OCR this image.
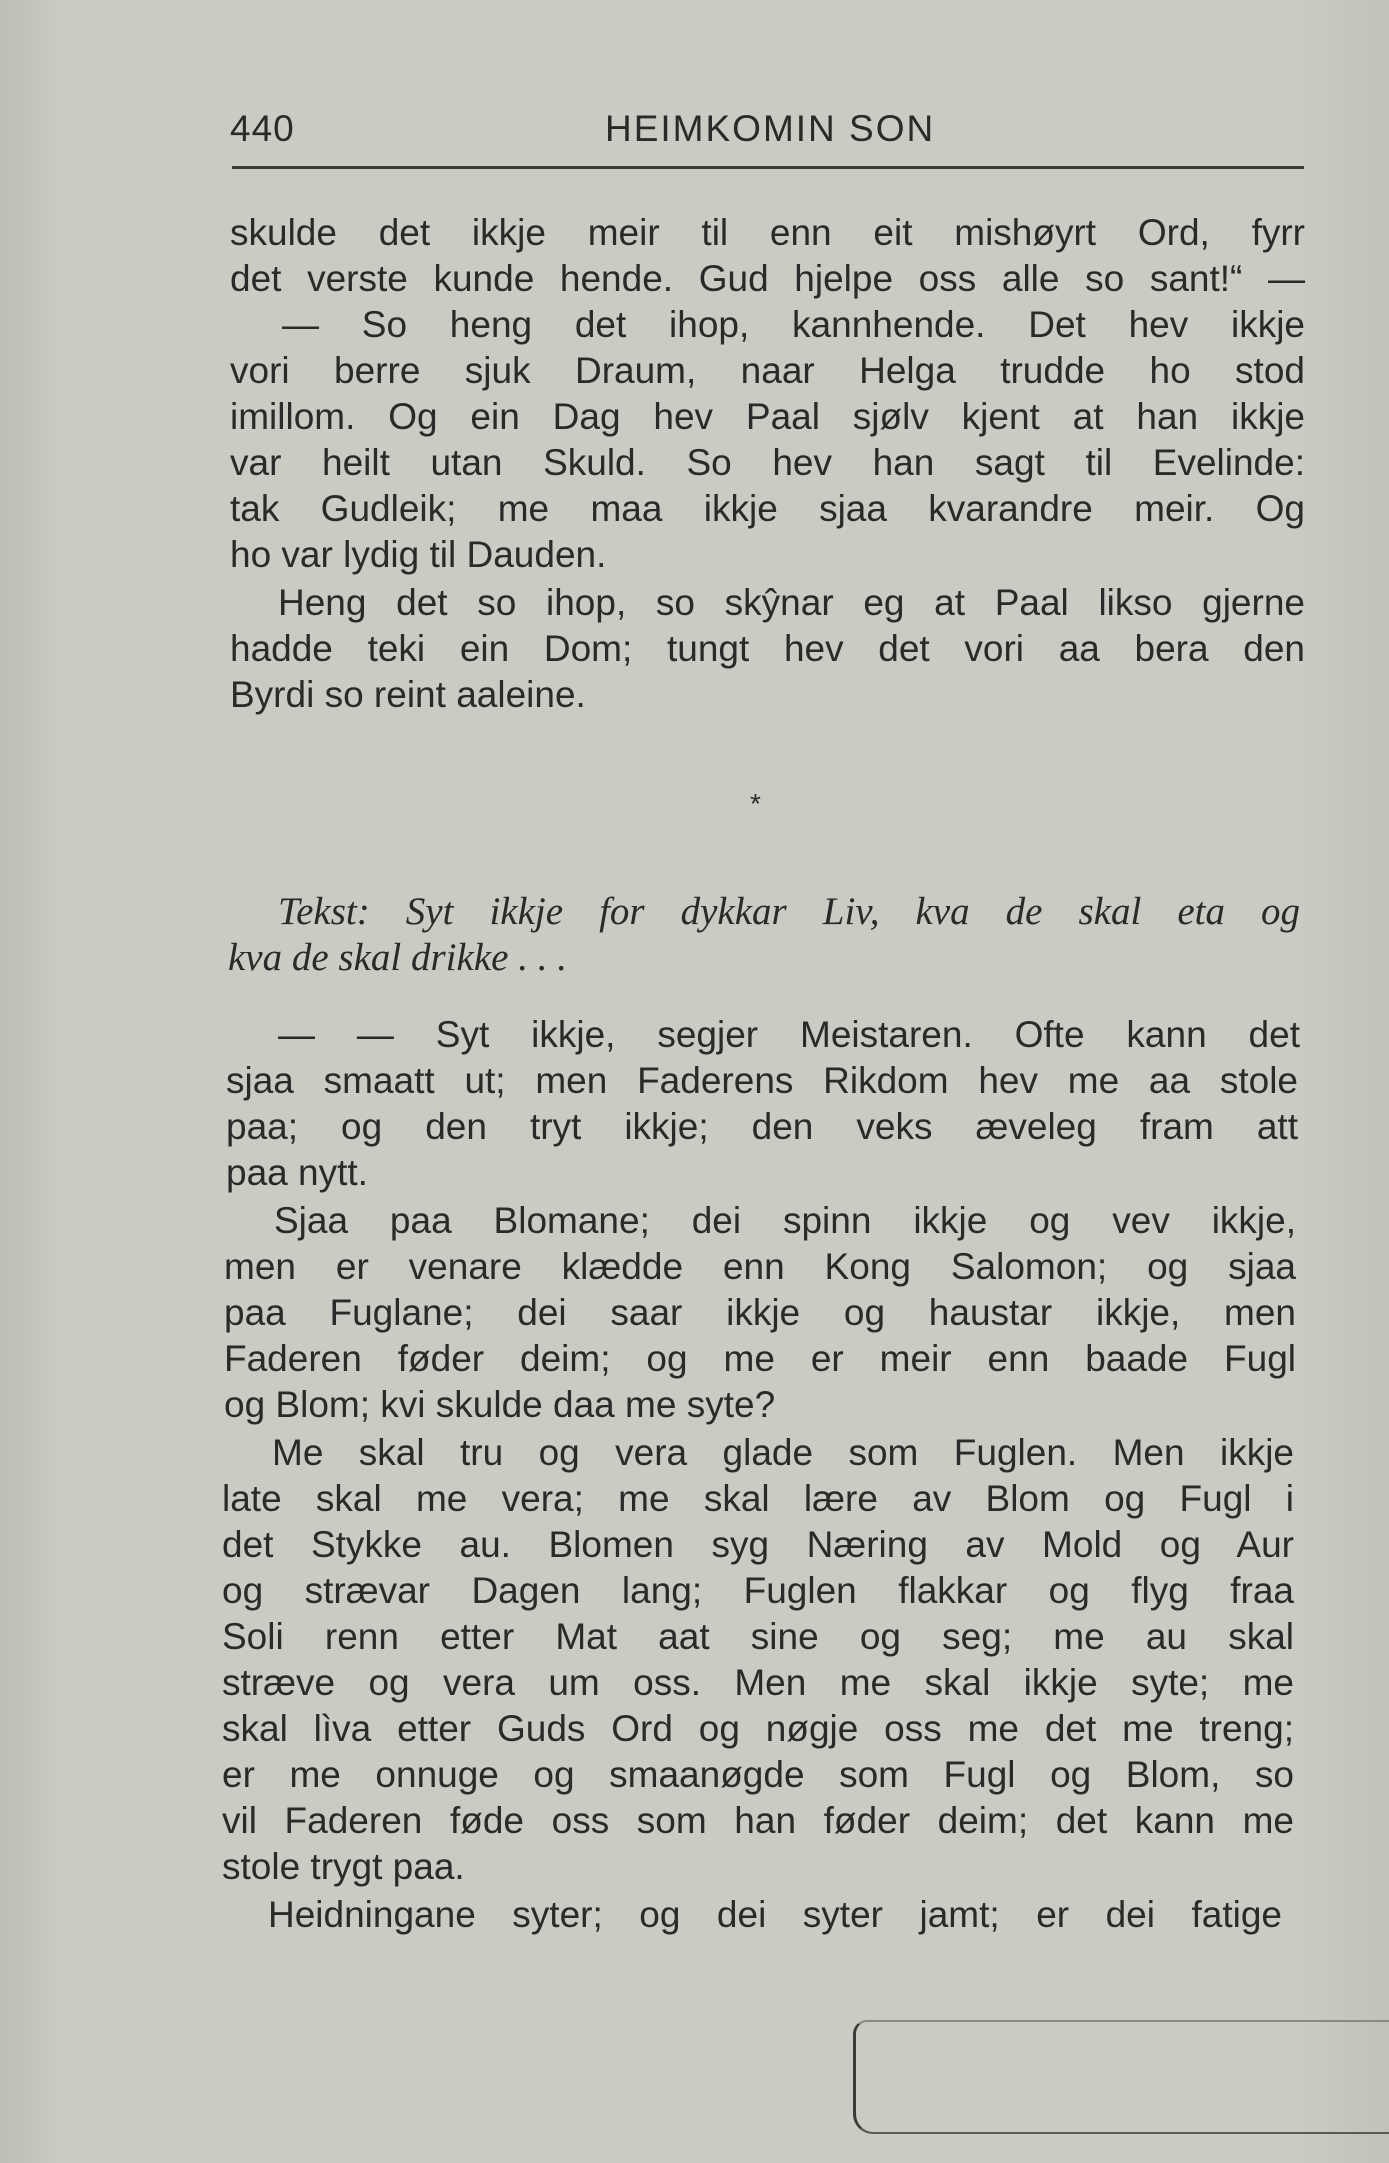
440	HEIMKOMIN SON
skulde det ikkje meir til enn eit mishøyrt Ord, fyrr
det verste kunde hende. Gud hjelpe oss alle so sant!“ —
— So heng det ihop, kannhende. Det hev ikkje
vori berre sjuk Draum, naar Helga trudde ho stod
imillom. Og ein Dag hev Paal sjølv kjent at han ikkje
var heilt utan Skuld. So hev han sagt til Evelinde:
tak Gudleik; me maa ikkje sjaa kvarandre meir. Og
ho var lydig til Dauden.
Heng det so ihop, so skŷnar eg at Paal likso gjerne
hadde teki ein Dom; tungt hev det vori aa bera den
Byrdi so reint aaleine.
*
Tekst: Syt ikkje for dykkar Liv, kva de skal eta og
kva de skal drikke . . .
— — Syt ikkje, segjer Meistaren. Ofte kann det
sjaa smaatt ut; men Faderens Rikdom hev me aa stole
paa; og den tryt ikkje; den veks æveleg fram att
paa nytt.
Sjaa paa Blomane; dei spinn ikkje og vev ikkje,
men er venare klædde enn Kong Salomon; og sjaa
paa Fuglane; dei saar ikkje og haustar ikkje, men
Faderen føder deim; og me er meir enn baade Fugl
og Blom; kvi skulde daa me syte?
Me skal tru og vera glade som Fuglen. Men ikkje
late skal me vera; me skal lære av Blom og Fugl i
det Stykke au. Blomen syg Næring av Mold og Aur
og strævar Dagen lang; Fuglen flakkar og flyg fraa
Soli renn etter Mat aat sine og seg; me au skal
stræve og vera um oss. Men me skal ikkje syte; me
skal lìva etter Guds Ord og nøgje oss me det me treng;
er me onnuge og smaanøgde som Fugl og Blom, so
vil Faderen føde oss som han føder deim; det kann me
stole trygt paa.
Heidningane syter; og dei syter jamt; er dei fatige
